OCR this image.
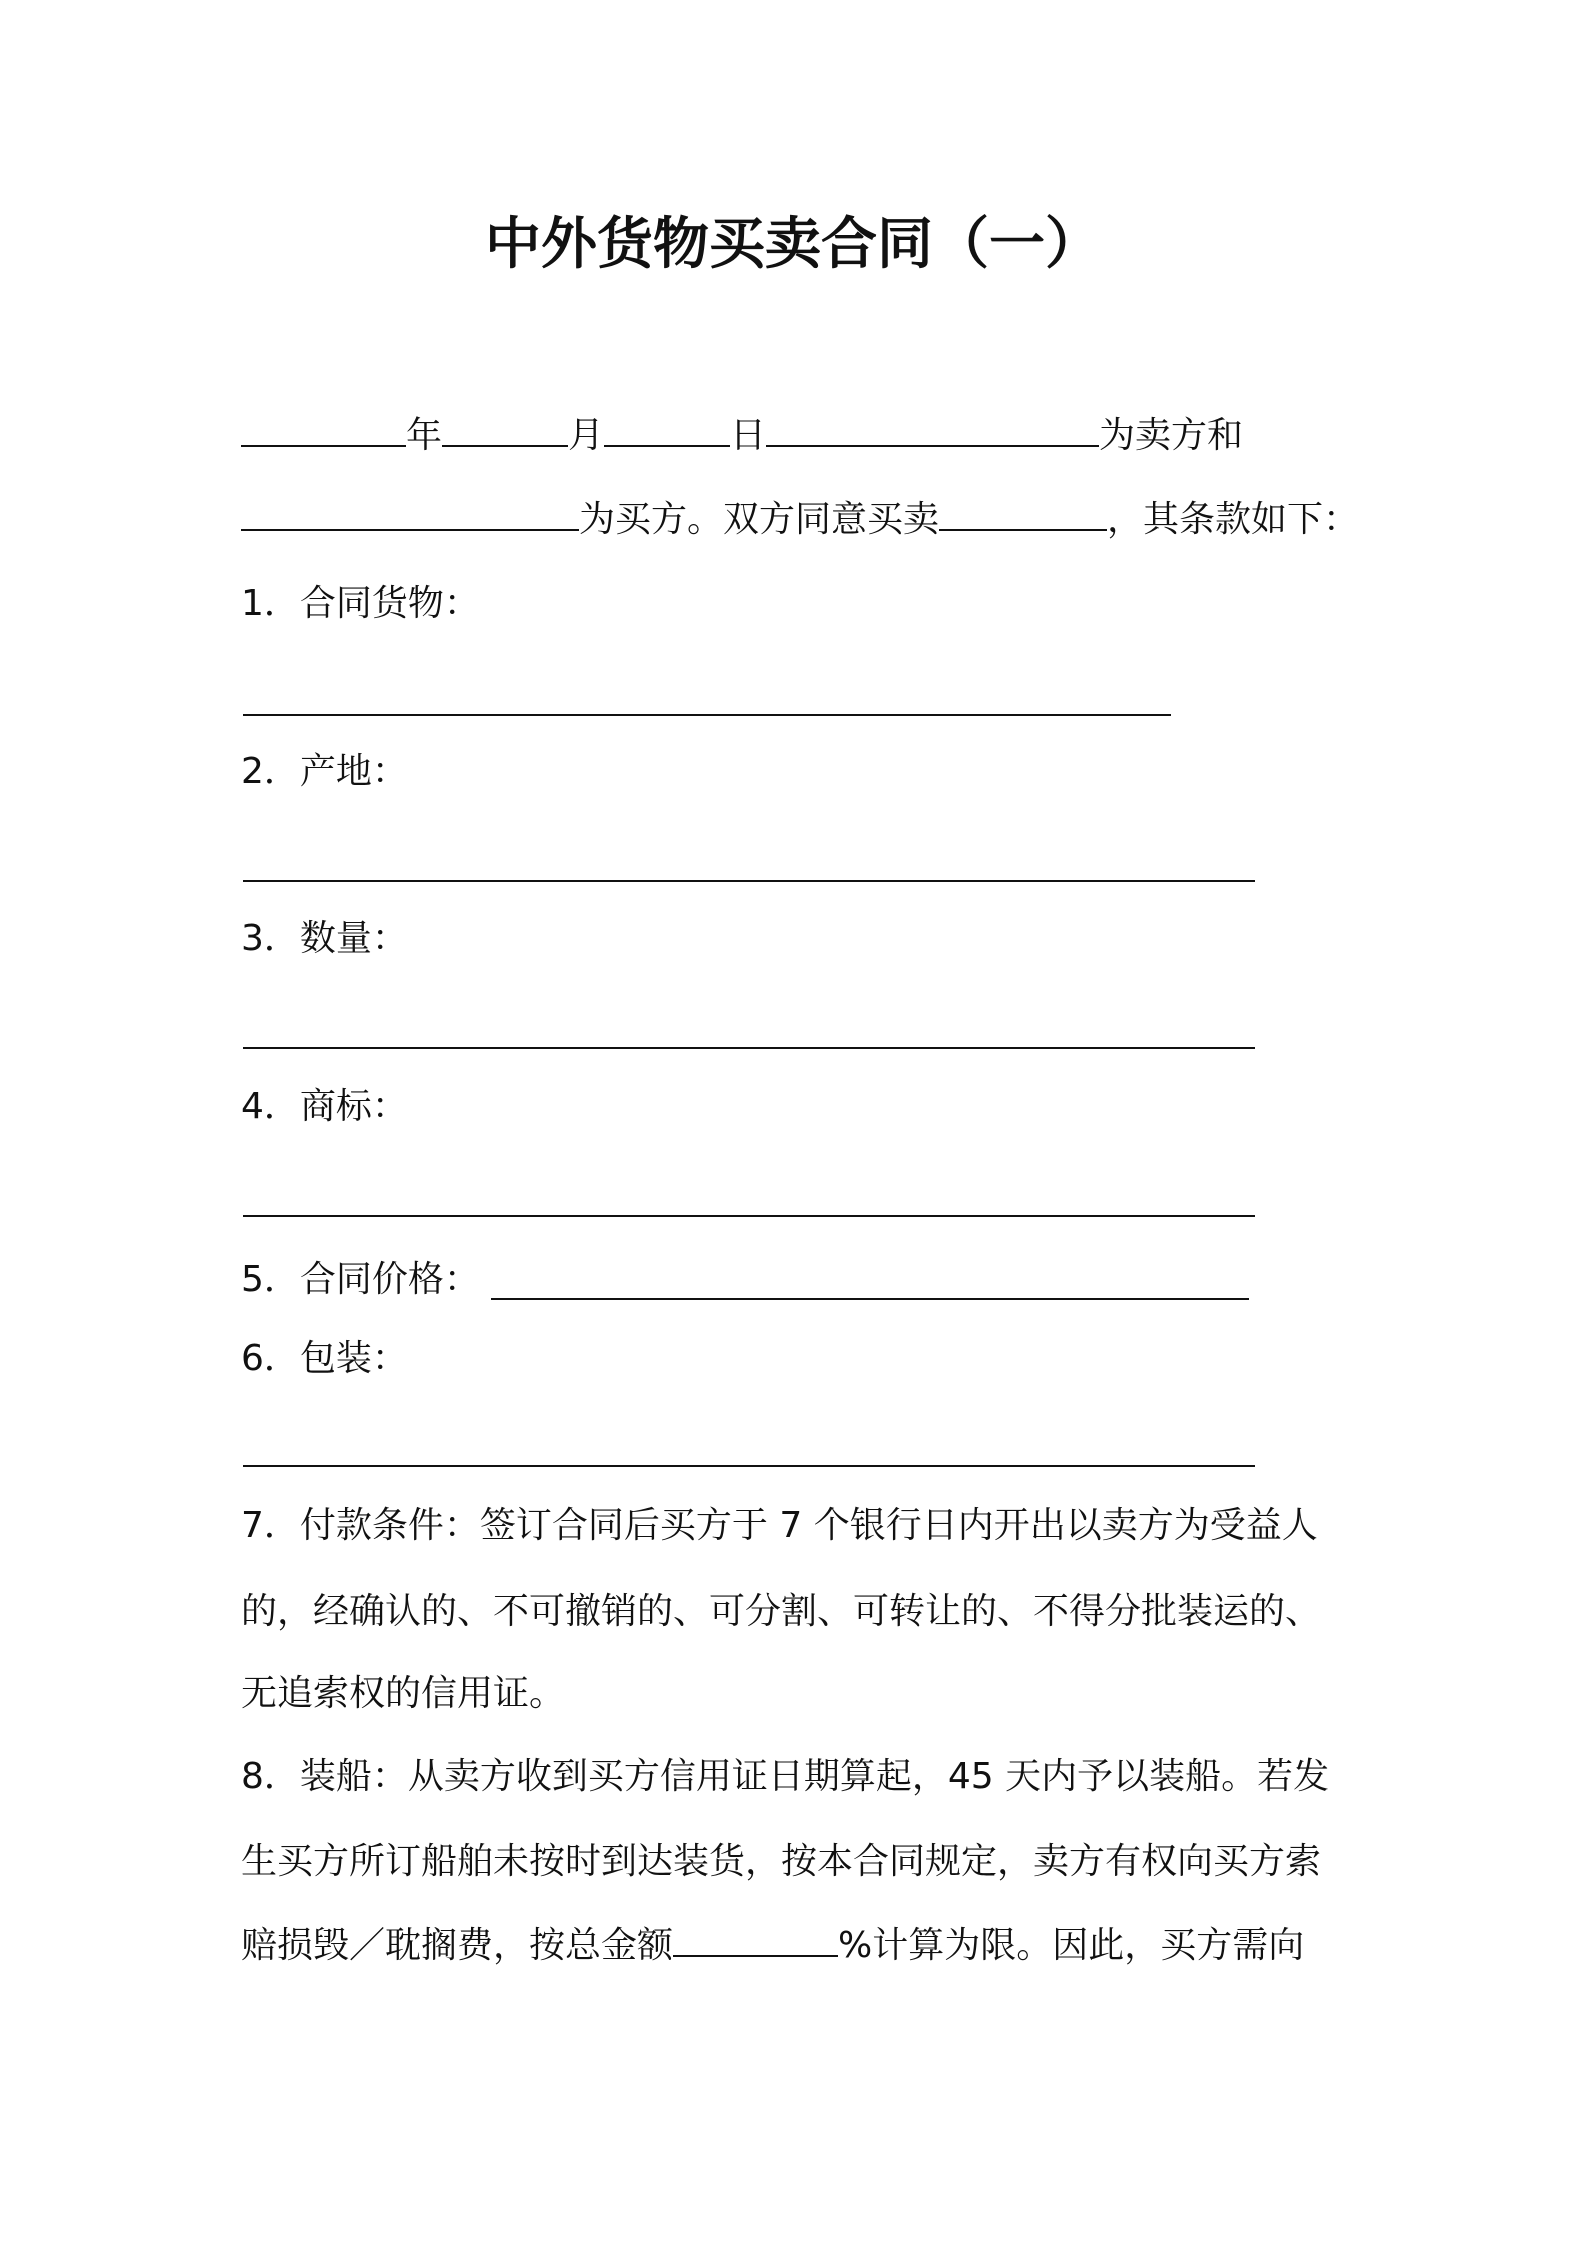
中外货物买卖合同（一）
年	月	日	为卖方和
为买方。双方同意买卖	，其条款如下：
1．合同货物：
2．产地：
3．数量：
4．商标：
5．合同价格：
6．包装：
7．付款条件：签订合同后买方于 7 个银行日内开出以卖方为受益人
的，经确认的、不可撤销的、可分割、可转让的、不得分批装运的、
无追索权的信用证。
8．装船：从卖方收到买方信用证日期算起，45 天内予以装船。若发
生买方所订船舶未按时到达装货，按本合同规定，卖方有权向买方索
赔损毁／耽搁费，按总金额	%计算为限。因此，买方需向
